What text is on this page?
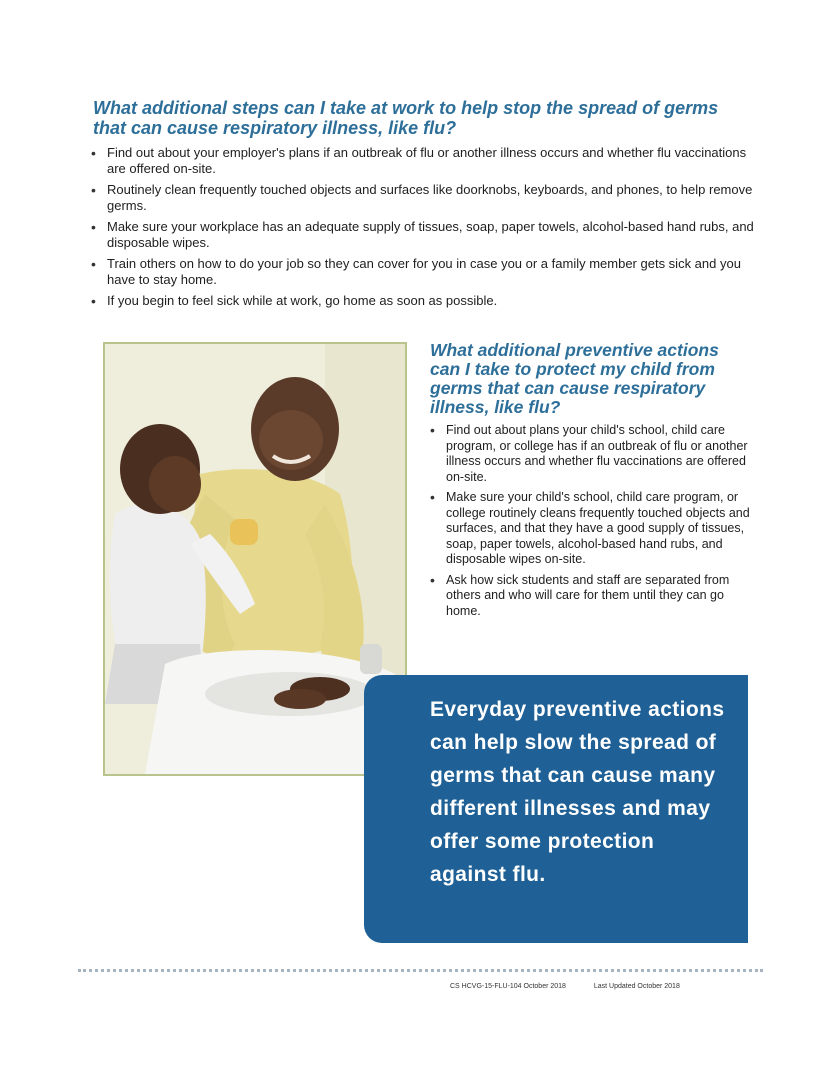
What additional steps can I take at work to help stop the spread of germs that can cause respiratory illness, like flu?
• Find out about your employer's plans if an outbreak of flu or another illness occurs and whether flu vaccinations are offered on-site.
• Routinely clean frequently touched objects and surfaces like doorknobs, keyboards, and phones, to help remove germs.
• Make sure your workplace has an adequate supply of tissues, soap, paper towels, alcohol-based hand rubs, and disposable wipes.
• Train others on how to do your job so they can cover for you in case you or a family member gets sick and you have to stay home.
• If you begin to feel sick while at work, go home as soon as possible.
What additional preventive actions can I take to protect my child from germs that can cause respiratory illness, like flu?
• Find out about plans your child's school, child care program, or college has if an outbreak of flu or another illness occurs and whether flu vaccinations are offered on-site.
• Make sure your child's school, child care program, or college routinely cleans frequently touched objects and surfaces, and that they have a good supply of tissues, soap, paper towels, alcohol-based hand rubs, and disposable wipes on-site.
• Ask how sick students and staff are separated from others and who will care for them until they can go home.

Everyday preventive actions can help slow the spread of germs that can cause many different illnesses and may offer some protection against flu.

CS HCVG-15-FLU-104 October 2018	Last Updated October 2018
